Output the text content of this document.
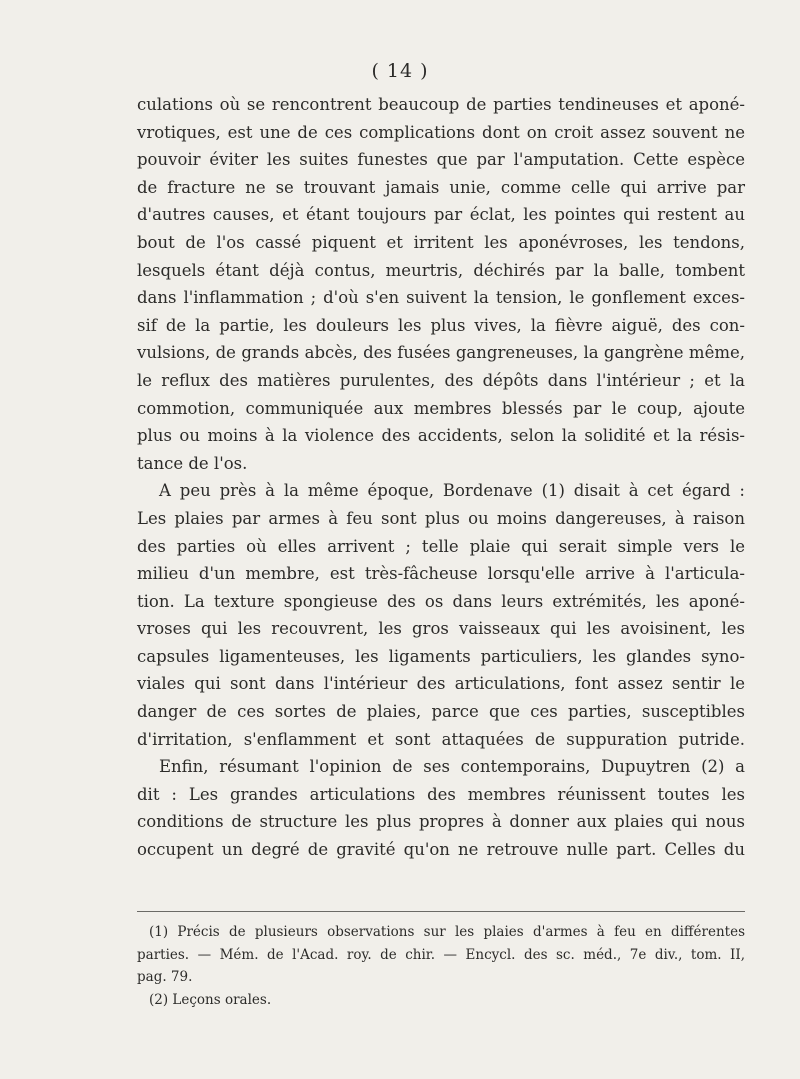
( 14 )
culations où se rencontrent beaucoup de parties tendineuses et aponé-
vrotiques, est une de ces complications dont on croit assez souvent ne
pouvoir éviter les suites funestes que par l'amputation. Cette espèce
de fracture ne se trouvant jamais unie, comme celle qui arrive par
d'autres causes, et étant toujours par éclat, les pointes qui restent au
bout de l'os cassé piquent et irritent les aponévroses, les tendons,
lesquels étant déjà contus, meurtris, déchirés par la balle, tombent
dans l'inflammation ; d'où s'en suivent la tension, le gonflement exces-
sif de la partie, les douleurs les plus vives, la fièvre aiguë, des con-
vulsions, de grands abcès, des fusées gangreneuses, la gangrène même,
le reflux des matières purulentes, des dépôts dans l'intérieur ; et la
commotion, communiquée aux membres blessés par le coup, ajoute
plus ou moins à la violence des accidents, selon la solidité et la résis-
tance de l'os.
A peu près à la même époque, Bordenave (1) disait à cet égard :
Les plaies par armes à feu sont plus ou moins dangereuses, à raison
des parties où elles arrivent ; telle plaie qui serait simple vers le
milieu d'un membre, est très-fâcheuse lorsqu'elle arrive à l'articula-
tion. La texture spongieuse des os dans leurs extrémités, les aponé-
vroses qui les recouvrent, les gros vaisseaux qui les avoisinent, les
capsules ligamenteuses, les ligaments particuliers, les glandes syno-
viales qui sont dans l'intérieur des articulations, font assez sentir le
danger de ces sortes de plaies, parce que ces parties, susceptibles
d'irritation, s'enflamment et sont attaquées de suppuration putride.
Enfin, résumant l'opinion de ses contemporains, Dupuytren (2) a
dit : Les grandes articulations des membres réunissent toutes les
conditions de structure les plus propres à donner aux plaies qui nous
occupent un degré de gravité qu'on ne retrouve nulle part. Celles du
(1) Précis de plusieurs observations sur les plaies d'armes à feu en différentes
parties. — Mém. de l'Acad. roy. de chir. — Encycl. des sc. méd., 7e div., tom. II,
pag. 79.
(2) Leçons orales.
